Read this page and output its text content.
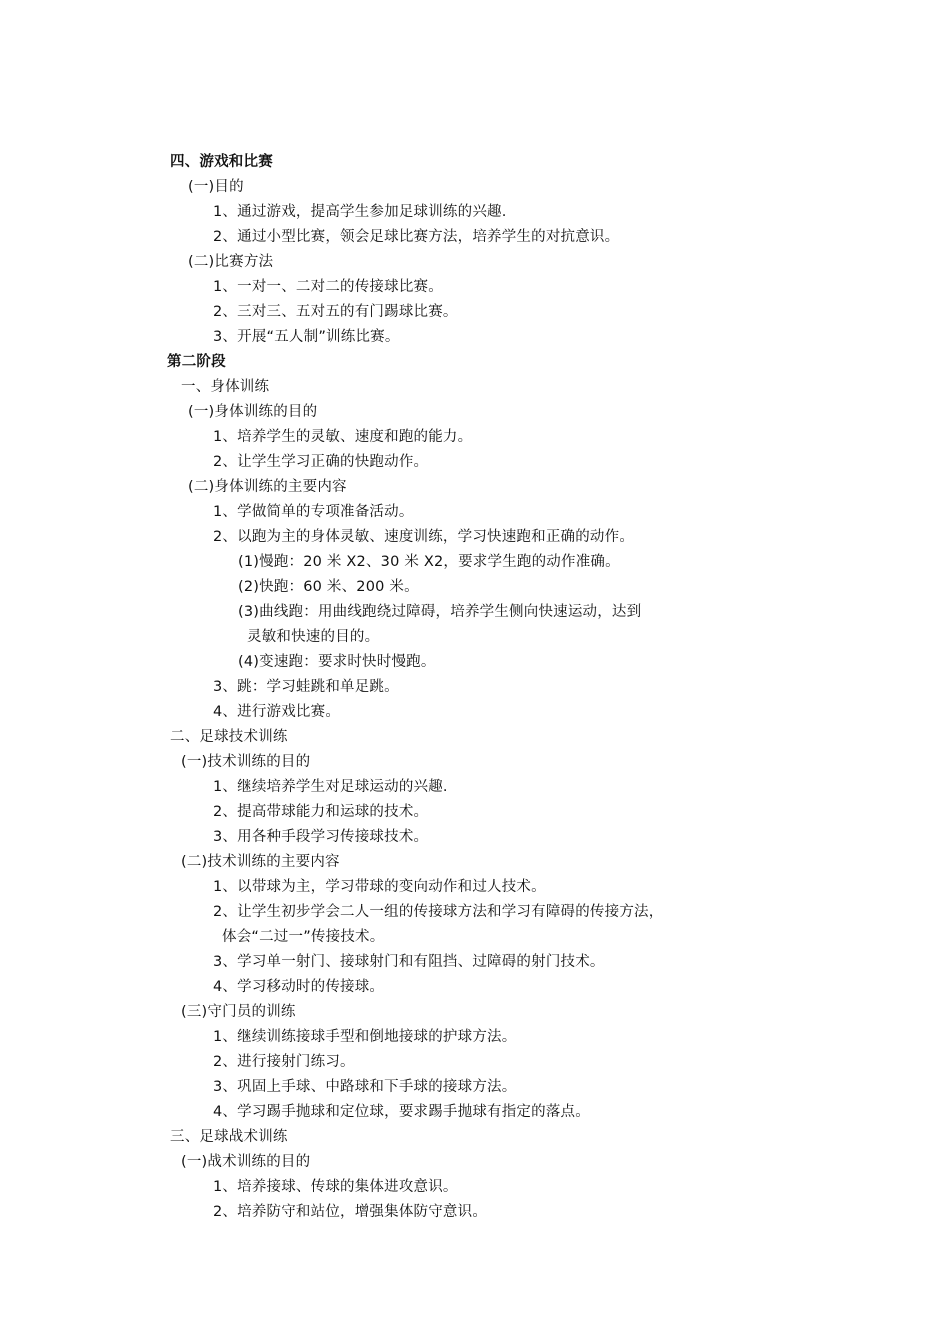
四、游戏和比赛
(一)目的
1、通过游戏，提高学生参加足球训练的兴趣.
2、通过小型比赛，领会足球比赛方法，培养学生的对抗意识。
(二)比赛方法
1、一对一、二对二的传接球比赛。
2、三对三、五对五的有门踢球比赛。
3、开展“五人制”训练比赛。
第二阶段
一、身体训练
(一)身体训练的目的
1、培养学生的灵敏、速度和跑的能力。
2、让学生学习正确的快跑动作。
(二)身体训练的主要内容
1、学做简单的专项准备活动。
2、以跑为主的身体灵敏、速度训练，学习快速跑和正确的动作。
(1)慢跑：20 米 X2、30 米 X2，要求学生跑的动作准确。
(2)快跑：60 米、200 米。
(3)曲线跑：用曲线跑绕过障碍，培养学生侧向快速运动，达到
灵敏和快速的目的。
(4)变速跑：要求时快时慢跑。
3、跳：学习蛙跳和单足跳。
4、进行游戏比赛。
二、足球技术训练
(一)技术训练的目的
1、继续培养学生对足球运动的兴趣.
2、提高带球能力和运球的技术。
3、用各种手段学习传接球技术。
(二)技术训练的主要内容
1、以带球为主，学习带球的变向动作和过人技术。
2、让学生初步学会二人一组的传接球方法和学习有障碍的传接方法，
体会“二过一”传接技术。
3、学习单一射门、接球射门和有阻挡、过障碍的射门技术。
4、学习移动时的传接球。
(三)守门员的训练
1、继续训练接球手型和倒地接球的护球方法。
2、进行接射门练习。
3、巩固上手球、中路球和下手球的接球方法。
4、学习踢手抛球和定位球，要求踢手抛球有指定的落点。
三、足球战术训练
(一)战术训练的目的
1、培养接球、传球的集体进攻意识。
2、培养防守和站位，增强集体防守意识。
